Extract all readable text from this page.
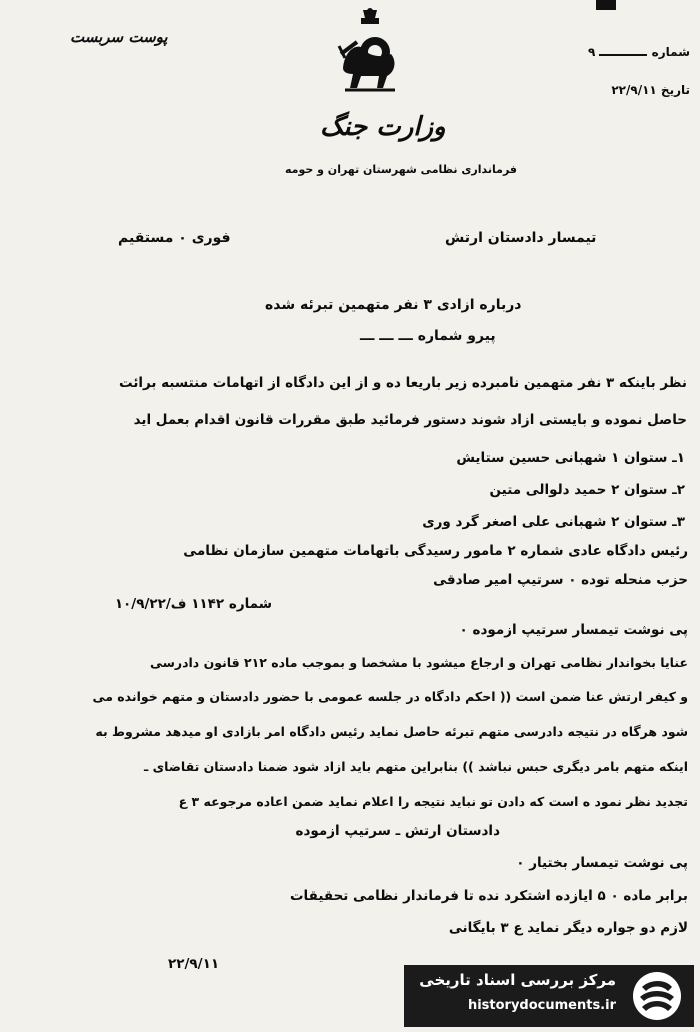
پوست سربست
شماره  ۹
تاریخ ۲۲/۹/۱۱
وزارت جنگ
فرمانداری نظامی شهرستان تهران و حومه
فوری ۰ مستقیم	تیمسار دادستان ارتش
درباره ازادی ۳ نفر متهمین تبرئه شده
پیرو شماره ـــ ـــ ـــ
نظر باینکه ۳ نفر متهمین نامبرده زیر باریعا ده و از این دادگاه از اتهامات منتسبه برائت
حاصل نموده و بایستی ازاد شوند دستور فرمائید طبق مقررات قانون اقدام بعمل اید
۱ـ ستوان ۱ شهبانی حسین ستایش
۲ـ ستوان ۲ حمید دلوالی متین
۳ـ ستوان ۲ شهبانی علی اصغر گرد وری
رئیس دادگاه عادی شماره ۲ مامور رسیدگی باتهامات متهمین سازمان نظامی
حزب منحله توده ۰ سرتیپ امیر صادقی
شماره ۱۱۴۲ ف/۱۰/۹/۲۲
پی نوشت تیمسار سرتیپ ازموده ۰
عنایا بخواندار نظامی تهران و ارجاع میشود با مشخصا و بموجب ماده ۲۱۲ قانون دادرسی
و کیفر ارتش عنا ضمن است (( احکم دادگاه در جلسه عمومی با حضور دادستان و متهم خوانده می
شود هرگاه در نتیجه دادرسی متهم تبرئه حاصل نماید رئیس دادگاه امر بازادی او میدهد مشروط به
اینکه متهم بامر دیگری حبس نباشد )) بنابراین متهم باید ازاد شود ضمنا دادستان تقاضای ـ
تجدید نظر نمود ه است که دادن تو نباید نتیجه را اعلام نماید ضمن اعاده مرجوعه ۳ ع
دادستان ارتش ـ سرتیپ ازموده
پی نوشت تیمسار بختیار ۰
برابر ماده ۰ ۵ ایازده اشتکرد نده تا فرماندار نظامی تحقیقات
لازم دو جواره دیگر نماید ع ۳ بایگانی
۲۲/۹/۱۱
مرکز بررسی اسناد تاریخی
historydocuments.ir
